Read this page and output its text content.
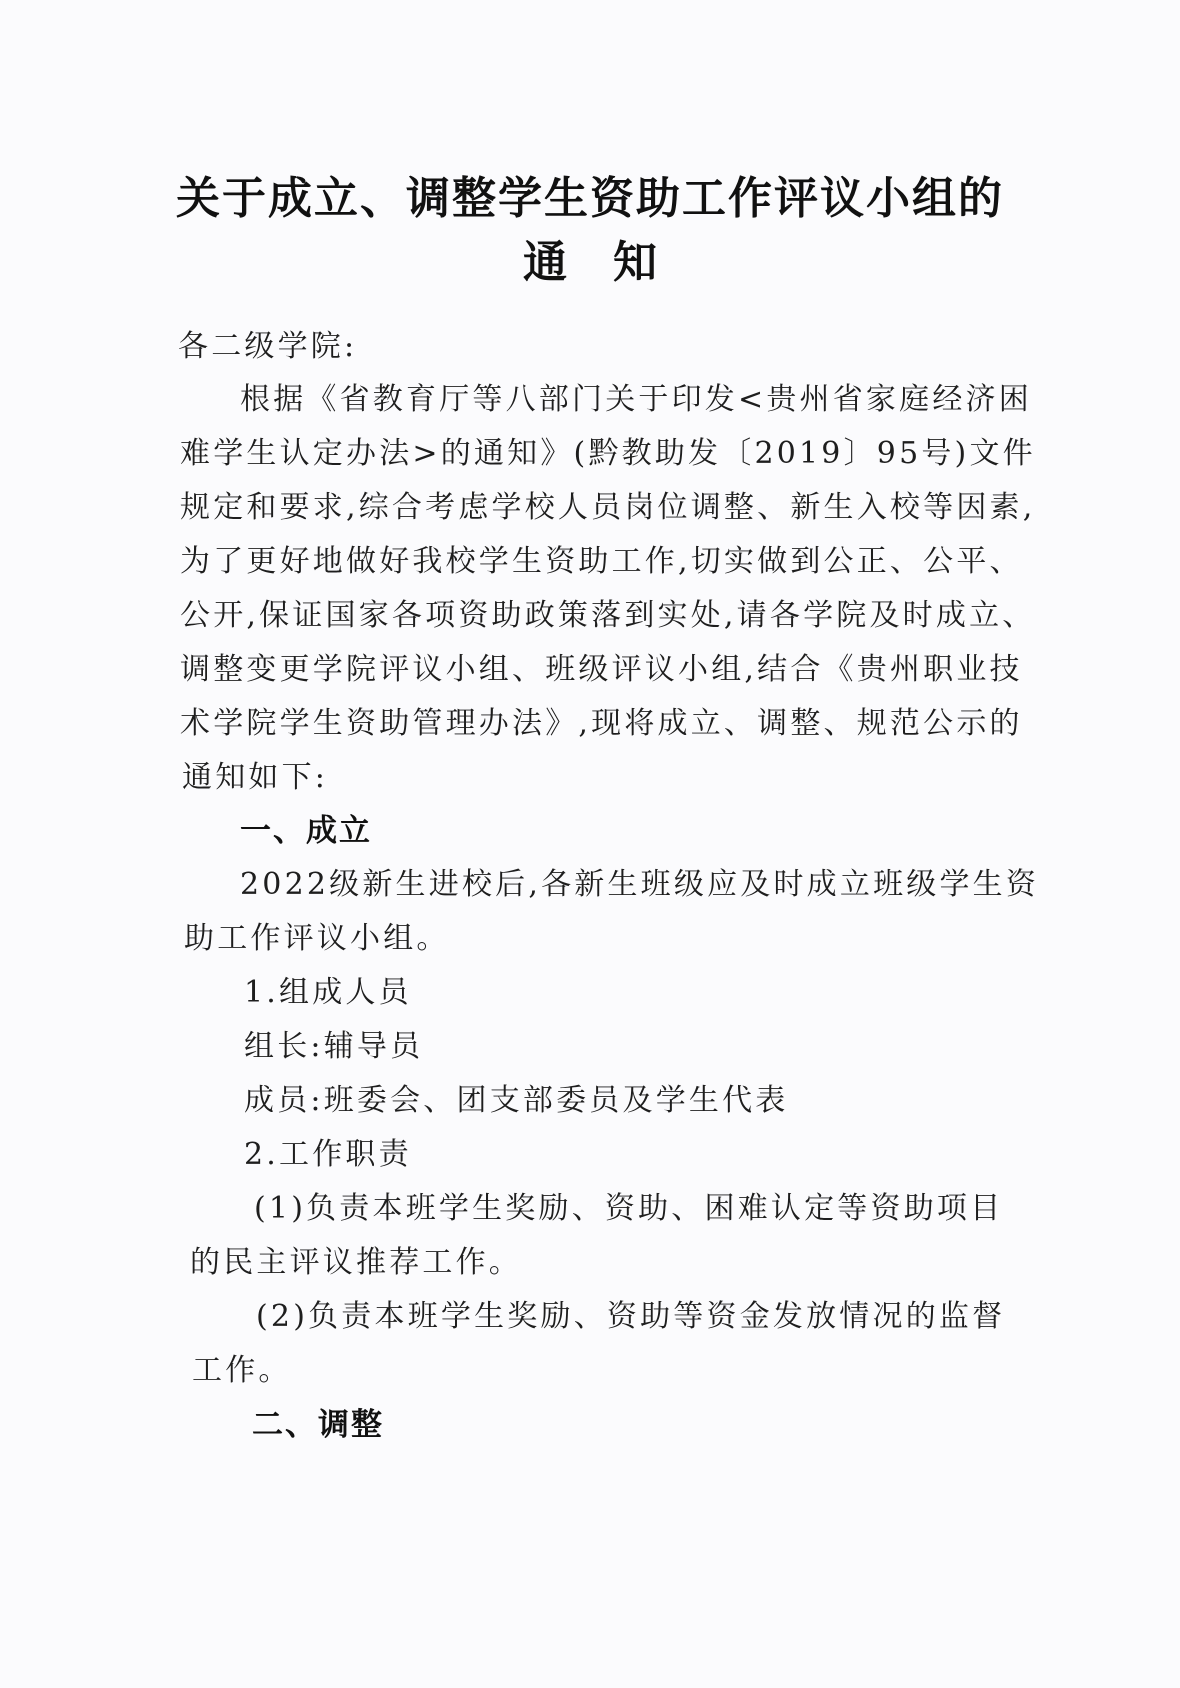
关于成立、调整学生资助工作评议小组的
通知
各二级学院:
根据《省教育厅等八部门关于印发<贵州省家庭经济困
难学生认定办法>的通知》(黔教助发〔2019〕95号)文件
规定和要求,综合考虑学校人员岗位调整、新生入校等因素,
为了更好地做好我校学生资助工作,切实做到公正、公平、
公开,保证国家各项资助政策落到实处,请各学院及时成立、
调整变更学院评议小组、班级评议小组,结合《贵州职业技
术学院学生资助管理办法》,现将成立、调整、规范公示的
通知如下:
一、成立
2022级新生进校后,各新生班级应及时成立班级学生资
助工作评议小组。
1.组成人员
组长:辅导员
成员:班委会、团支部委员及学生代表
2.工作职责
(1)负责本班学生奖励、资助、困难认定等资助项目
的民主评议推荐工作。
(2)负责本班学生奖励、资助等资金发放情况的监督
工作。
二、调整
